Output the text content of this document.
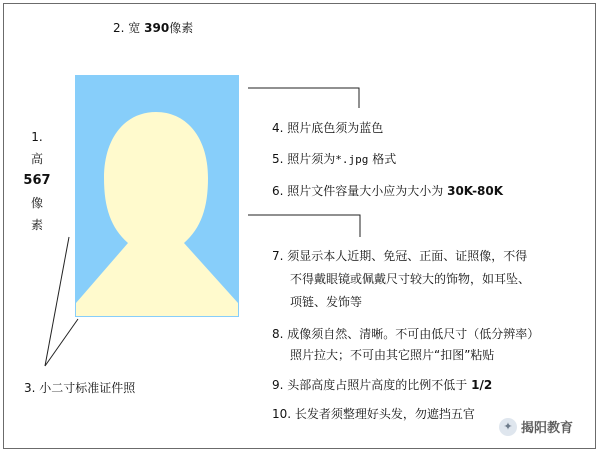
2. 宽 390像素
1.
高
567
像
素
3. 小二寸标准证件照
4. 照片底色须为蓝色
5. 照片须为*.jpg 格式
6. 照片文件容量大小应为大小为 30K-80K
7. 须显示本人近期、免冠、正面、证照像，不得
不得戴眼镜或佩戴尺寸较大的饰物，如耳坠、
项链、发饰等
8. 成像须自然、清晰。不可由低尺寸（低分辨率）
照片拉大；不可由其它照片“扣图”粘贴
9. 头部高度占照片高度的比例不低于 1/2
10. 长发者须整理好头发，勿遮挡五官
✦ 揭阳教育
